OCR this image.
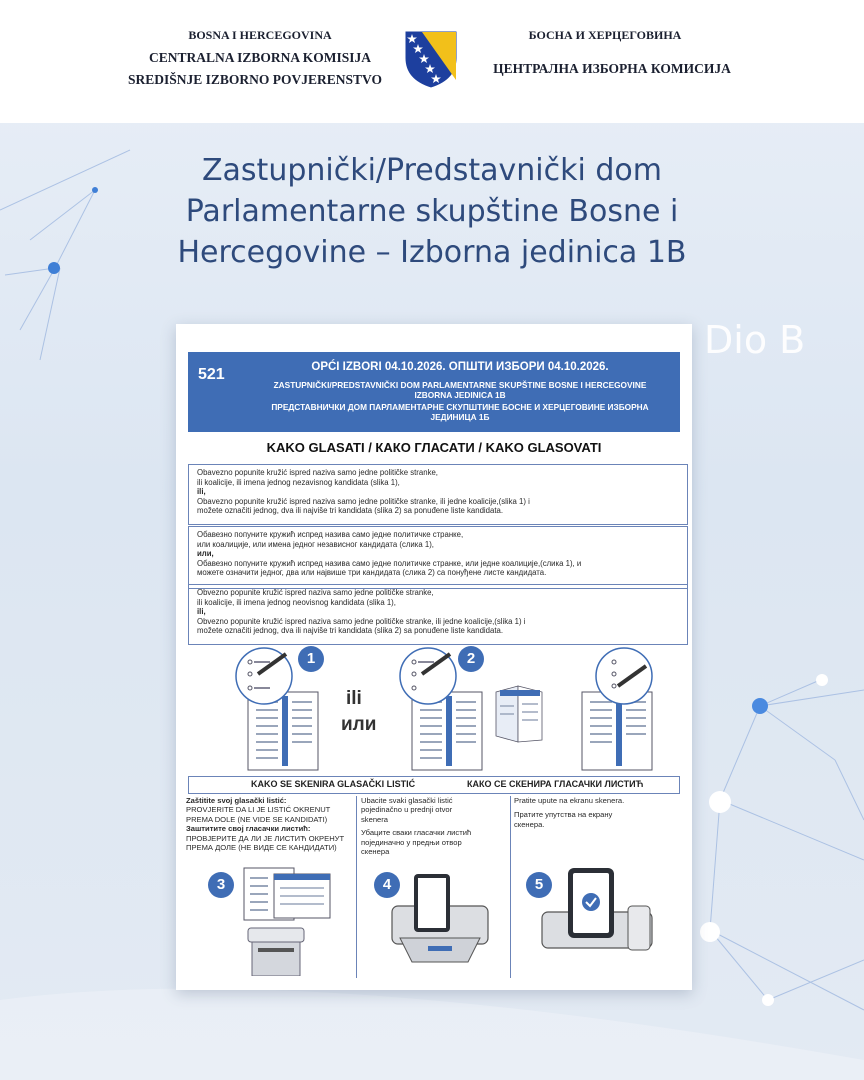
BOSNA I HERCEGOVINA
CENTRALNA IZBORNA KOMISIJA
SREDIŠNJE IZBORNO POVJERENSTVO
БОСНА И ХЕРЦЕГОВИНА
ЦЕНТРАЛНА ИЗБОРНА КОМИСИЈА
Zastupnički/Predstavnički dom
Parlamentarne skupštine Bosne i
Hercegovine – Izborna jedinica 1B
Dio B
521	OPĆI IZBORI 04.10.2026. ОПШТИ ИЗБОРИ 04.10.2026.
ZASTUPNIČKI/PREDSTAVNIČKI DOM PARLAMENTARNE SKUPŠTINE BOSNE I HERCEGOVINE
IZBORNA JEDINICA 1B
ПРЕДСТАВНИЧКИ ДОМ ПАРЛАМЕНТАРНЕ СКУПШТИНЕ БОСНЕ И ХЕРЦЕГОВИНЕ ИЗБОРНА
ЈЕДИНИЦА 1Б
KAKO GLASATI / КАКО ГЛАСАТИ / KAKO GLASOVATI
Obavezno popunite kružić ispred naziva samo jedne političke stranke,
ili koalicije, ili imena jednog nezavisnog kandidata (slika 1),
ili,
Obavezno popunite kružić ispred naziva samo jedne političke stranke, ili jedne koalicije,(slika 1) i
možete označiti jednog, dva ili najviše tri kandidata (slika 2) sa ponuđene liste kandidata.
Обавезно попуните кружић испред назива само једне политичке странке,
или коалиције, или имена једног независног кандидата (слика 1),
или,
Обавезно попуните кружић испред назива само једне политичке странке, или једне коалиције,(слика 1), и
можете означити једног, два или највише три кандидата (слика 2) са понуђене листе кандидата.
Obvezno popunite kružić ispred naziva samo jedne političke stranke,
ili koalicije, ili imena jednog neovisnog kandidata (slika 1),
ili,
Obvezno popunite kružić ispred naziva samo jedne političke stranke, ili jedne koalicije,(slika 1) i
možete označiti jednog, dva ili najviše tri kandidata (slika 2) sa ponuđene liste kandidata.
1
ili
или
2
KAKO SE SKENIRA GLASAČKI LISTIĆ	КАКО СЕ СКЕНИРА ГЛАСАЧКИ ЛИСТИЋ
Zaštitite svoj glasački listić:
PROVJERITE DA LI JE LISTIĆ OKRENUT
PREMA DOLE (NE VIDE SE KANDIDATI)
Заштитите свој гласачки листић:
ПРОВЈЕРИТЕ ДА ЛИ ЈЕ ЛИСТИЋ ОКРЕНУТ
ПРЕМА ДОЛЕ (НЕ ВИДЕ СЕ КАНДИДАТИ)
Ubacite svaki glasački listić
pojedinačno u prednji otvor
skenera
Убаците сваки гласачки листић
појединачно у предњи отвор
скенера
Pratite upute na ekranu skenera.
Пратите упутства на екрану
скенера.
3	4	5
